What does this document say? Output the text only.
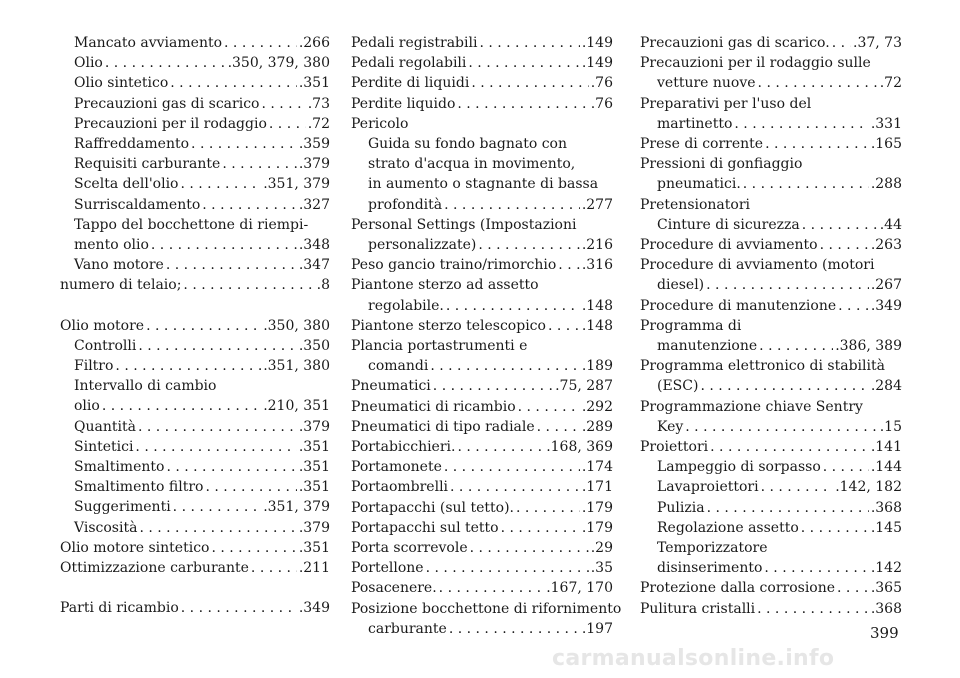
Mancato avviamento . . .	.266
Olio . . .	.350, 379, 380
Olio sintetico . . .	.351
Precauzioni gas di scarico . . .	.73
Precauzioni per il rodaggio . . .	.72
Raffreddamento . . .	.359
Requisiti carburante . . .	.379
Scelta dell'olio . . .	.351, 379
Surriscaldamento . . .	.327
Tappo del bocchettone di riempi-
mento olio . . .	.348
Vano motore . . .	.347
numero di telaio; . . .	.8
Olio motore . . .	.350, 380
Controlli . . .	.350
Filtro . . .	.351, 380
Intervallo di cambio
olio . . .	.210, 351
Quantità . . .	.379
Sintetici . . .	.351
Smaltimento . . .	.351
Smaltimento filtro . . .	.351
Suggerimenti . . .	.351, 379
Viscosità . . .	.379
Olio motore sintetico . . .	.351
Ottimizzazione carburante . . .	.211
Parti di ricambio . . .	.349
Pedali registrabili . . .	.149
Pedali regolabili . . .	.149
Perdite di liquidi . . .	.76
Perdite liquido . . .	.76
Pericolo
Guida su fondo bagnato con
strato d'acqua in movimento,
in aumento o stagnante di bassa
profondità . . .	.277
Personal Settings (Impostazioni
personalizzate) . . .	.216
Peso gancio traino/rimorchio . . . .316
Piantone sterzo ad assetto
regolabile. . . .	.148
Piantone sterzo telescopico . . .	.148
Plancia portastrumenti e
comandi . . .	.189
Pneumatici . . .	.75, 287
Pneumatici di ricambio . . .	.292
Pneumatici di tipo radiale . . .	.289
Portabicchieri. . . .	.168, 369
Portamonete . . .	.174
Portaombrelli . . .	.171
Portapacchi (sul tetto). . . .	.179
Portapacchi sul tetto . . .	.179
Porta scorrevole . . .	.29
Portellone . . .	.35
Posacenere. . . .	.167, 170
Posizione bocchettone di rifornimento
carburante . . .	.197
Precauzioni gas di scarico. . . . .37, 73
Precauzioni per il rodaggio sulle
vetture nuove . . .	.72
Preparativi per l'uso del
martinetto . . .	.331
Prese di corrente . . .	.165
Pressioni di gonfiaggio
pneumatici. . . .	.288
Pretensionatori
Cinture di sicurezza . . .	.44
Procedure di avviamento . . .	.263
Procedure di avviamento (motori
diesel) . . .	.267
Procedure di manutenzione . . . .349
Programma di
manutenzione . . .	.386, 389
Programma elettronico di stabilità
(ESC) . . .	.284
Programmazione chiave Sentry
Key . . .	.15
Proiettori . . .	.141
Lampeggio di sorpasso . . .	.144
Lavaproiettori . . .	.142, 182
Pulizia . . .	.368
Regolazione assetto . . .	.145
Temporizzatore
disinserimento . . .	.142
Protezione dalla corrosione . . .	.365
Pulitura cristalli . . .	.368
399
carmanualsonline.info
